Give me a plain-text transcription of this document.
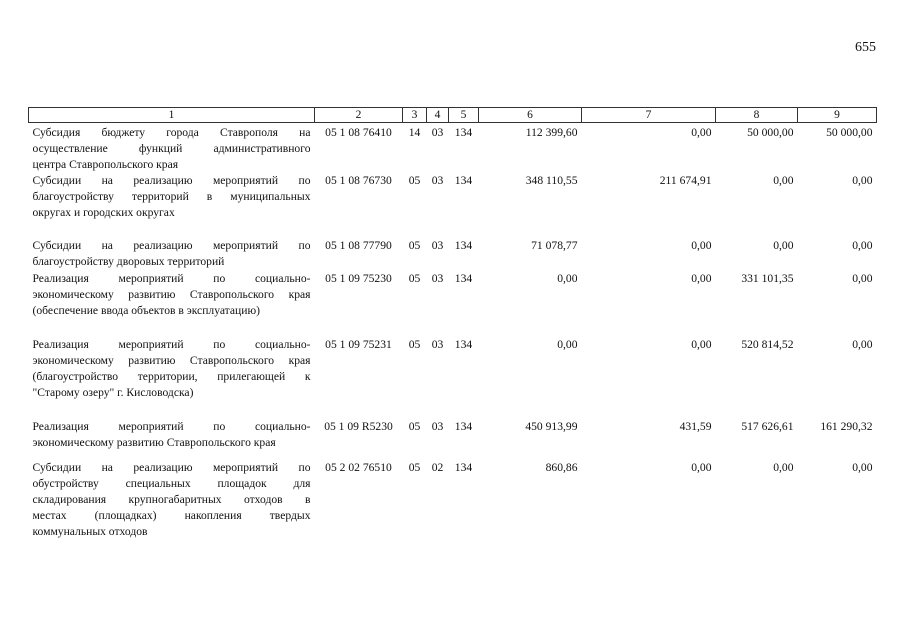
655
1	2	3	4	5	6	7	8	9

Субсидия бюджету города Ставрополя на
осуществление функций административного
центра Ставропольского края	05 1 08 76410	14	03	134	112 399,60	0,00	50 000,00	50 000,00

Субсидии на реализацию мероприятий по
благоустройству территорий в муниципальных
округах и городских округах	05 1 08 76730	05	03	134	348 110,55	211 674,91	0,00	0,00

Субсидии на реализацию мероприятий по
благоустройству дворовых территорий	05 1 08 77790	05	03	134	71 078,77	0,00	0,00	0,00

Реализация мероприятий по социально-
экономическому развитию Ставропольского края
(обеспечение ввода объектов в эксплуатацию)	05 1 09 75230	05	03	134	0,00	0,00	331 101,35	0,00

Реализация мероприятий по социально-
экономическому развитию Ставропольского края
(благоустройство территории, прилегающей к
"Старому озеру" г. Кисловодска)	05 1 09 75231	05	03	134	0,00	0,00	520 814,52	0,00

Реализация мероприятий по социально-
экономическому развитию Ставропольского края	05 1 09 R5230	05	03	134	450 913,99	431,59	517 626,61	161 290,32

Субсидии на реализацию мероприятий по
обустройству специальных площадок для
складирования крупногабаритных отходов в
местах (площадках) накопления твердых
коммунальных отходов	05 2 02 76510	05	02	134	860,86	0,00	0,00	0,00
